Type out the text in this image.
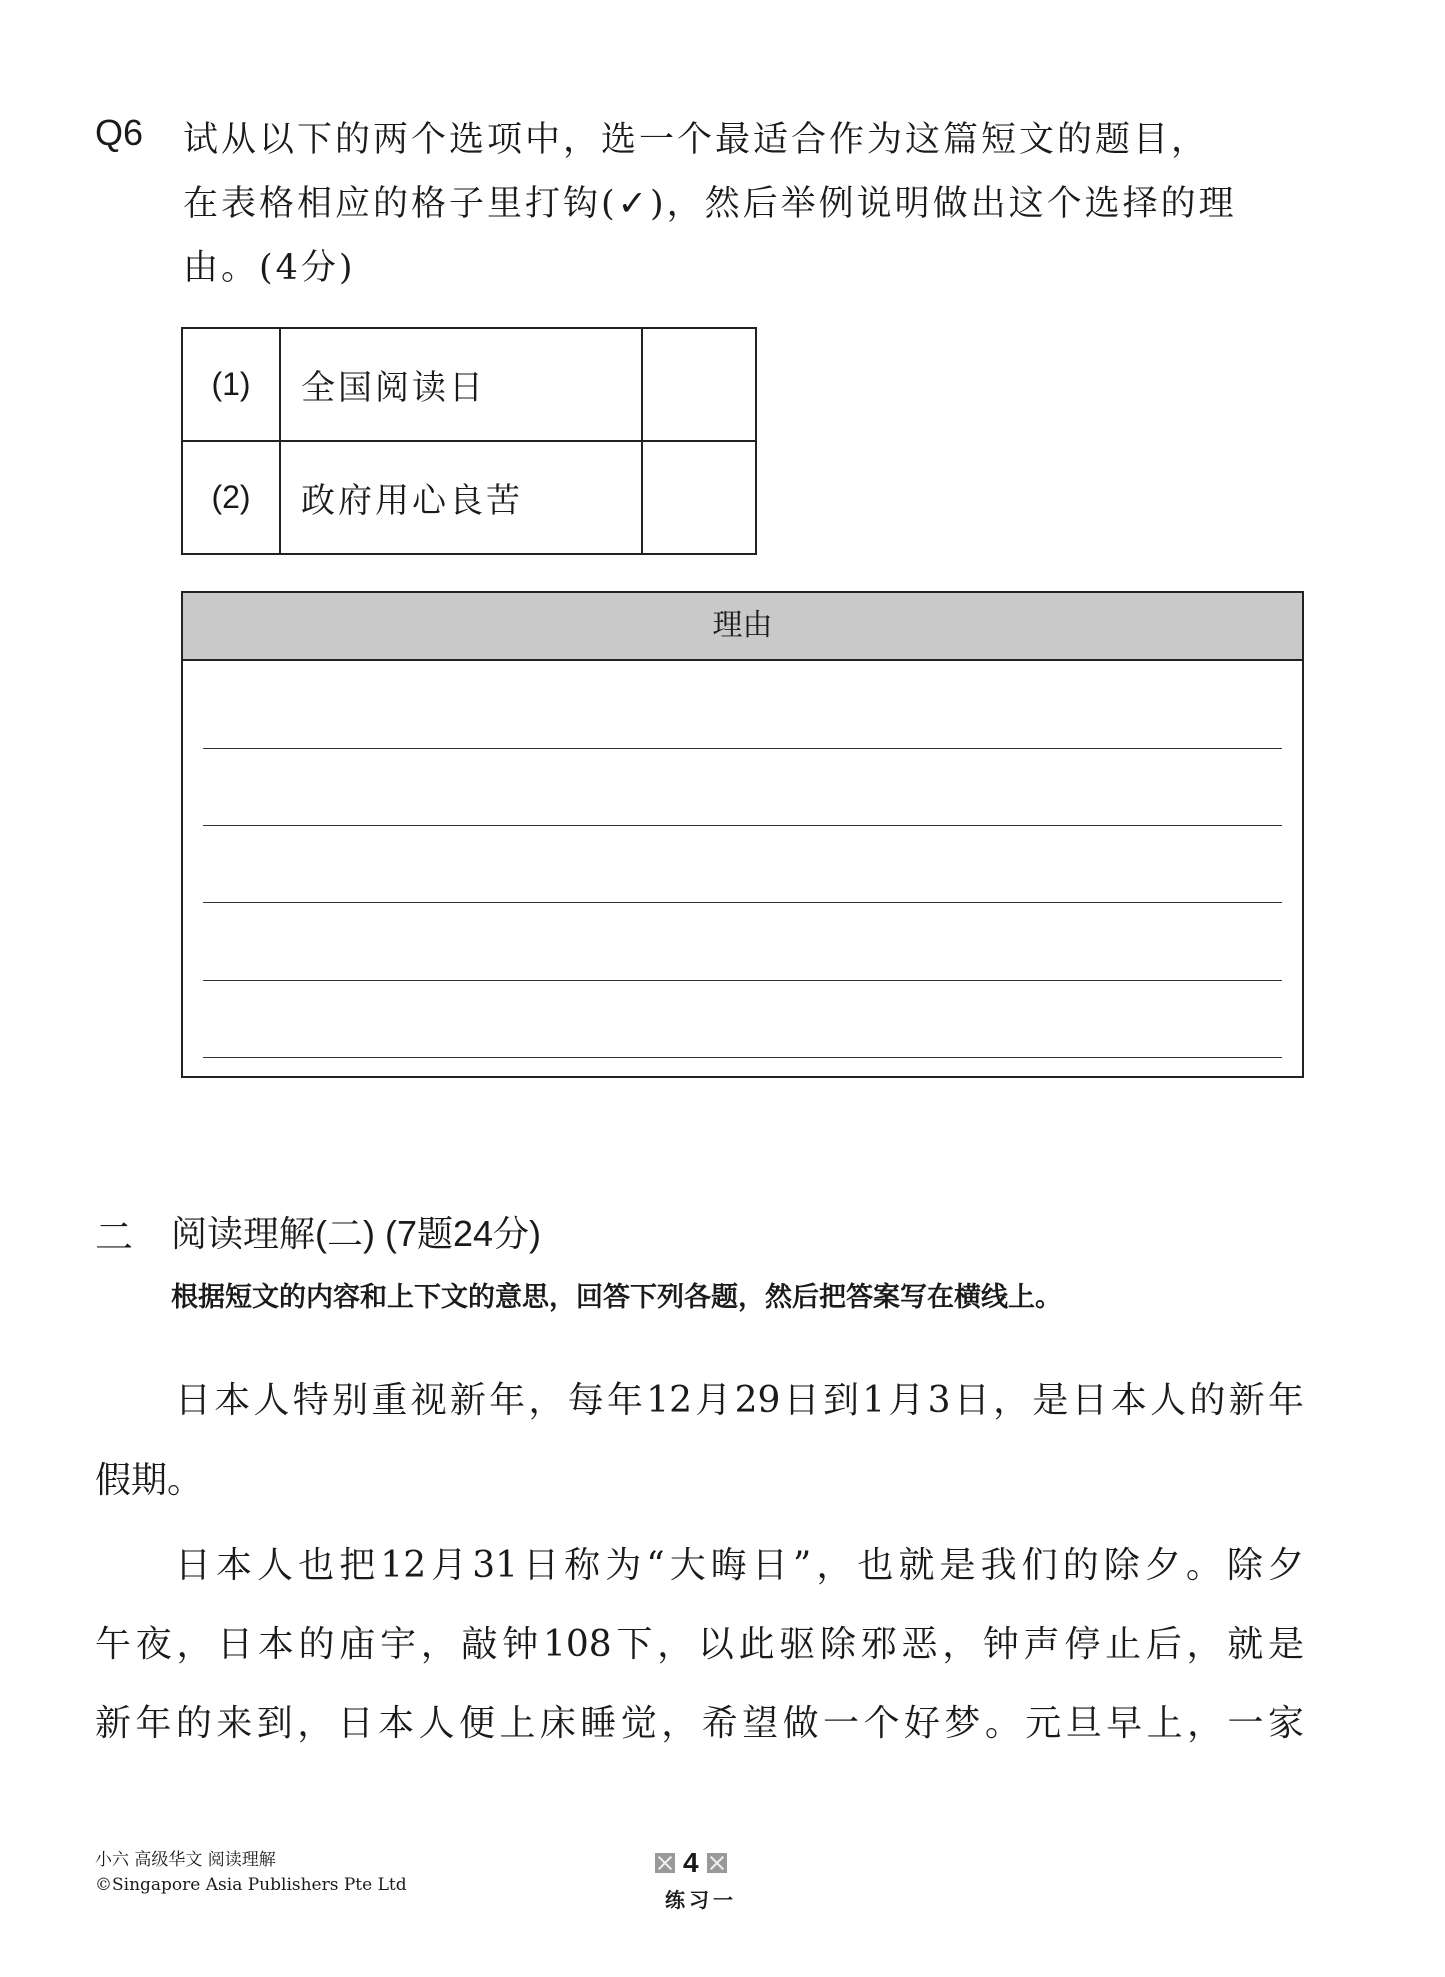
Q6 试从以下的两个选项中，选一个最适合作为这篇短文的题目，
在表格相应的格子里打钩(✓)，然后举例说明做出这个选择的理
由。(4分)
(1)	全国阅读日	
(2)	政府用心良苦	
理由
二 阅读理解(二) (7题24分)
根据短文的内容和上下文的意思，回答下列各题，然后把答案写在横线上。
日本人特别重视新年，每年12月29日到1月3日，是日本人的新年
假期。
日本人也把12月31日称为“大晦日”，也就是我们的除夕。除夕
午夜，日本的庙宇，敲钟108下，以此驱除邪恶，钟声停止后，就是
新年的来到，日本人便上床睡觉，希望做一个好梦。元旦早上，一家
小六 高级华文 阅读理解
©Singapore Asia Publishers Pte Ltd
4
练习一
